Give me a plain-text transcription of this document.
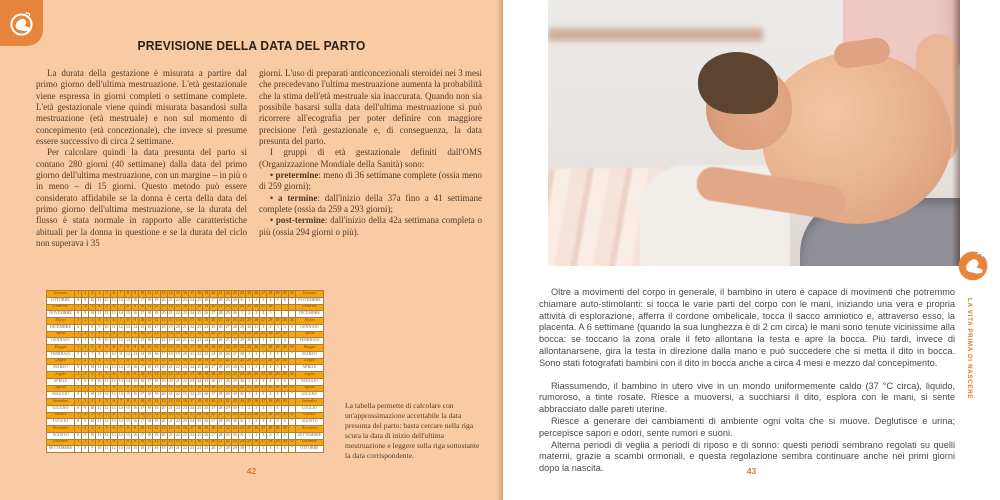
PREVISIONE DELLA DATA DEL PARTO

La durata della gestazione è misurata a partire dal primo giorno dell'ultima mestruazione. L'età gestazionale viene espressa in giorni completi o settimane complete. L'età gestazionale viene quindi misurata basandosi sulla mestruazione (età mestruale) e non sul momento di concepimento (età concezionale), che invece si presume essere successivo di circa 2 settimane.

Per calcolare quindi la data presunta del parto si contano 280 giorni (40 settimane) dalla data del primo giorno dell'ultima mestruazione, con un margine – in più o in meno – di 15 giorni. Questo metodo può essere considerato affidabile se la donna è certa della data del primo giorno dell'ultima mestruazione, se la durata del flusso è stata normale in rapporto alle caratteristiche abituali per la donna in questione e se la durata del ciclo non superava i 35

giorni. L'uso di preparati anticoncezionali steroidei nei 3 mesi che precedevano l'ultima mestruazione aumenta la probabilità che la stima dell'età mestruale sia inaccurata. Quando non sia possibile basarsi sulla data dell'ultima mestruazione si può ricorrere all'ecografia per poter definire con maggiore precisione l'età gestazionale e, di conseguenza, la data presunta del parto.

I gruppi di età gestazionale definiti dall'OMS (Organizzazione Mondiale della Sanità) sono:

• pretermine: meno di 36 settimane complete (ossia meno di 259 giorni);
• a termine: dall'inizio della 37a fino a 41 settimane complete (ossia da 259 a 293 giorni);
• post-termine: dall'inizio della 42a settimana completa o più (ossia 294 giorni o più).
Gennaio	1	2	3	4	5	6	7	8	9	10	11	12	13	14	15	16	17	18	19	20	21	22	23	24	25	26	27	28	29	30	31	Gennaio
OTTOBRE	8	9	10	11	12	13	14	15	16	17	18	19	20	21	22	23	24	25	26	27	28	29	30	31	1	2	3	4	5	6	7	NOVEMBRE
Febbraio	1	2	3	4	5	6	7	8	9	10	11	12	13	14	15	16	17	18	19	20	21	22	23	24	25	26	27	28				Febbraio
NOVEMBRE	8	9	10	11	12	13	14	15	16	17	18	19	20	21	22	23	24	25	26	27	28	29	30	1	2	3	4	5				DICEMBRE
Marzo	1	2	3	4	5	6	7	8	9	10	11	12	13	14	15	16	17	18	19	20	21	22	23	24	25	26	27	28	29	30	31	Marzo
DICEMBRE	6	7	8	9	10	11	12	13	14	15	16	17	18	19	20	21	22	23	24	25	26	27	28	29	30	31	1	2	3	4	5	GENNAIO
Aprile	1	2	3	4	5	6	7	8	9	10	11	12	13	14	15	16	17	18	19	20	21	22	23	24	25	26	27	28	29	30		Aprile
GENNAIO	6	7	8	9	10	11	12	13	14	15	16	17	18	19	20	21	22	23	24	25	26	27	28	29	30	31	1	2	3	4		FEBBRAIO
Maggio	1	2	3	4	5	6	7	8	9	10	11	12	13	14	15	16	17	18	19	20	21	22	23	24	25	26	27	28	29	30	31	Maggio
FEBBRAIO	5	6	7	8	9	10	11	12	13	14	15	16	17	18	19	20	21	22	23	24	25	26	27	28	1	2	3	4	5	6	7	MARZO
Giugno	1	2	3	4	5	6	7	8	9	10	11	12	13	14	15	16	17	18	19	20	21	22	23	24	25	26	27	28	29	30		Giugno
MARZO	8	9	10	11	12	13	14	15	16	17	18	19	20	21	22	23	24	25	26	27	28	29	30	31	1	2	3	4	5	6		APRILE
Luglio	1	2	3	4	5	6	7	8	9	10	11	12	13	14	15	16	17	18	19	20	21	22	23	24	25	26	27	28	29	30	31	Luglio
APRILE	7	8	9	10	11	12	13	14	15	16	17	18	19	20	21	22	23	24	25	26	27	28	29	30	1	2	3	4	5	6	7	MAGGIO
Agosto	1	2	3	4	5	6	7	8	9	10	11	12	13	14	15	16	17	18	19	20	21	22	23	24	25	26	27	28	29	30	31	Agosto
MAGGIO	8	9	10	11	12	13	14	15	16	17	18	19	20	21	22	23	24	25	26	27	28	29	30	31	1	2	3	4	5	6	7	GIUGNO
Settembre	1	2	3	4	5	6	7	8	9	10	11	12	13	14	15	16	17	18	19	20	21	22	23	24	25	26	27	28	29	30		Settembre
GIUGNO	8	9	10	11	12	13	14	15	16	17	18	19	20	21	22	23	24	25	26	27	28	29	30	1	2	3	4	5	6	7		LUGLIO
Ottobre	1	2	3	4	5	6	7	8	9	10	11	12	13	14	15	16	17	18	19	20	21	22	23	24	25	26	27	28	29	30	31	Ottobre
LUGLIO	8	9	10	11	12	13	14	15	16	17	18	19	20	21	22	23	24	25	26	27	28	29	30	31	1	2	3	4	5	6	7	AGOSTO
Novembre	1	2	3	4	5	6	7	8	9	10	11	12	13	14	15	16	17	18	19	20	21	22	23	24	25	26	27	28	29	30		Novembre
AGOSTO	8	9	10	11	12	13	14	15	16	17	18	19	20	21	22	23	24	25	26	27	28	29	30	31	1	2	3	4	5	6		SETTEMBRE
Dicembre	1	2	3	4	5	6	7	8	9	10	11	12	13	14	15	16	17	18	19	20	21	22	23	24	25	26	27	28	29	30	31	Dicembre
SETTEMBRE	7	8	9	10	11	12	13	14	15	16	17	18	19	20	21	22	23	24	25	26	27	28	29	30	1	2	3	4	5	6	7	OTTOBRE
La tabella permette di calcolare con un'approssimazione accettabile la data presunta del parto: basta cercare nella riga scura la data di inizio dell'ultima mestruazione e leggere sulla riga sottostante la data corrispondente.
42
LA VITA PRIMA DI NASCERE

Oltre a movimenti del corpo in generale, il bambino in utero è capace di movimenti che potremmo chiamare auto-stimolanti: si tocca le varie parti del corpo con le mani, iniziando una vera e propria attività di esplorazione, afferra il cordone ombelicale, tocca il sacco amniotico e, attraverso esso, la placenta. A 6 settimane (quando la sua lunghezza è di 2 cm circa) le mani sono tenute vicinissime alla bocca: se toccano la zona orale il feto allontana la testa e apre la bocca. Più tardi, invece di allontanarsene, gira la testa in direzione dalla mano e può succedere che si metta il dito in bocca. Sono stati fotografati bambini con il dito in bocca anche a circa 4 mesi e mezzo dal concepimento.

Riassumendo, il bambino in utero vive in un mondo uniformemente caldo (37 °C circa), liquido, rumoroso, a tinte rosate. Riesce a muoversi, a succhiarsi il dito, esplora con le mani, si sente abbracciato dalle pareti uterine.

Riesce a generare dei cambiamenti di ambiente ogni volta che si muove. Deglutisce e urina; percepisce sapori e odori, sente rumori e suoni.

Alterna periodi di veglia a periodi di riposo e di sonno: questi periodi sembrano regolati su quelli materni, grazie a scambi ormonali, e questa regolazione sembra continuare anche nei primi giorni dopo la nascita.	43
